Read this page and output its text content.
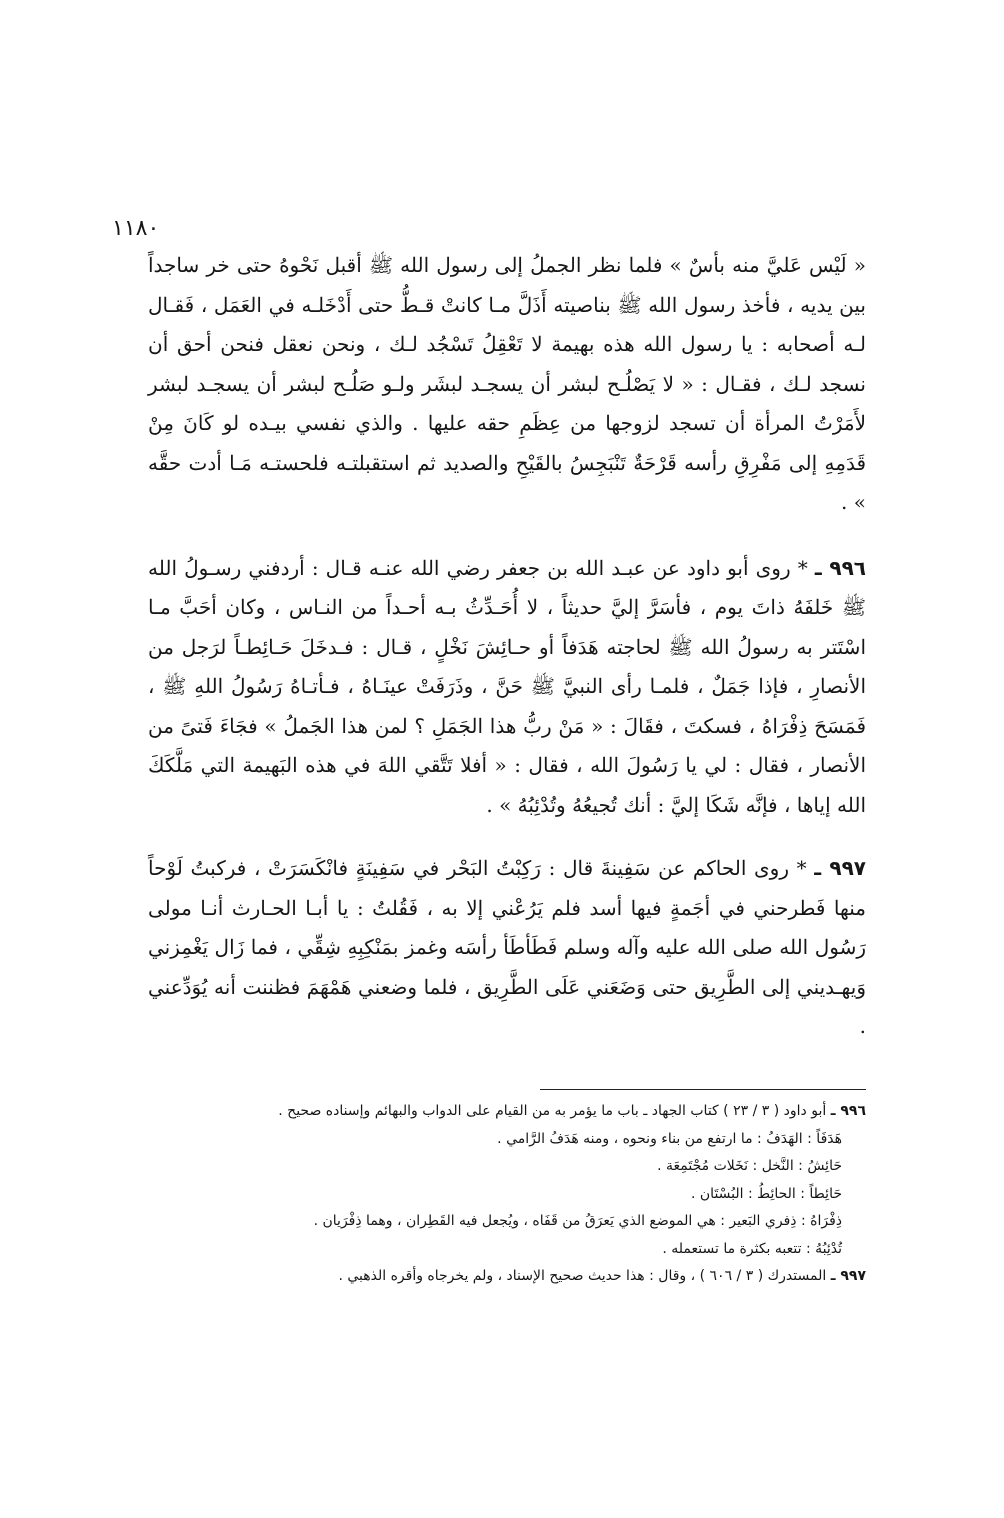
١١٨٠

« لَيْس عَليَّ منه بأسٌ » فلما نظر الجملُ إلى رسول الله ﷺ أقبل نَحْوهُ حتى خر ساجداً بين يديه ، فأخذ رسول الله ﷺ بناصيته أَذَلَّ مـا كانتْ قـطُّ حتى أَدْخَلـه في العَمَل ، فَقـال لـه أصحابه : يا رسول الله هذه بهيمة لا تَعْقِلُ تَسْجُد لـك ، ونحن نعقل فنحن أحق أن نسجد لـك ، فقـال : « لا يَصْلُـح لبشر أن يسجـد لبشَر ولـو صَلُـح لبشر أن يسجـد لبشر لأَمَرْتُ المرأة أن تسجد لزوجها من عِظَمِ حقه عليها . والذي نفسي بيـده لو كَانَ مِنْ قَدَمِهِ إلى مَفْرِقِ رأسه قَرْحَةٌ تَنْبَجِسُ بالقَيْحِ والصديد ثم استقبلتـه فلحستـه مَـا أدت حقَّه » .

٩٩٦ ـ * روى أبو داود عن عبـد الله بن جعفر رضي الله عنـه قـال : أردفني رسـولُ الله ﷺ خَلفَهُ ذاتَ يوم ، فأسَرَّ إليَّ حديثاً ، لا أُحَـدِّثُ بـه أحـداً من النـاس ، وكان أحَبَّ مـا اسْتَتر به رسولُ الله ﷺ لحاجته هَدَفاً أو حـائِشَ نَخْلٍ ، قـال : فـدخَلَ حَـائِطـاً لرَجل من الأنصارِ ، فإذا جَمَلٌ ، فلمـا رأى النبيَّ ﷺ حَنَّ ، وذَرَفَتْ عينَـاهُ ، فـأتـاهُ رَسُولُ اللهِ ﷺ ، فَمَسَحَ ذِفْرَاهُ ، فسكتَ ، فقَالَ : « مَنْ ربُّ هذا الجَمَلِ ؟ لمن هذا الجَملُ » فجَاءَ فَتىً من الأنصار ، فقال : لي يا رَسُولَ الله ، فقال : « أفلا تَتَّقي اللهَ في هذه البَهيمة التي مَلَّكَكَ الله إياها ، فإنَّه شَكَا إليَّ : أنك تُجيعُهُ وتُدْئِبُهُ » .

٩٩٧ ـ * روى الحاكم عن سَفِينةَ قال : رَكِبْتُ البَحْر في سَفِينَةٍ فانْكَسَرَتْ ، فركبتُ لَوْحاً منها فَطرحني في أجَمةٍ فيها أسد فلم يَرُعْني إلا به ، فَقُلتُ : يا أبـا الحـارث أنـا مولى رَسُول الله صلى الله عليه وآله وسلم فَطَأطَأ رأسَه وغمز بمَنْكِبِهِ شِقِّي ، فما زَال يَغْمِزني وَيهـديني إلى الطَّرِيق حتى وَضَعَني عَلَى الطَّرِيق ، فلما وضعني هَمْهَمَ فظننت أنه يُوَدِّعني .

٩٩٦ ـ أبو داود ( ٣ / ٢٣ ) كتاب الجهاد ـ باب ما يؤمر به من القيام على الدواب والبهائم وإسناده صحيح .

هَدَفَاً : الهَدَفُ : ما ارتفع من بناء ونحوه ، ومنه هَدَفُ الرَّامي .

حَائِشُ : النَّخل : نَخَلات مُجْتَمِعَة .

حَائِطاً : الحائِطُ : البُسْتَان .

ذِفْرَاهُ : ذِفري البَعير : هي الموضع الذي يَعرَقُ من قَفَاه ، ويُجعل فيه القَطِران ، وهما ذِفْرَيان .

تُدْئِبُهُ : تتعبه بكثرة ما تستعمله .

٩٩٧ ـ المستدرك ( ٣ / ٦٠٦ ) ، وقال : هذا حديث صحيح الإسناد ، ولم يخرجاه وأقره الذهبي .
